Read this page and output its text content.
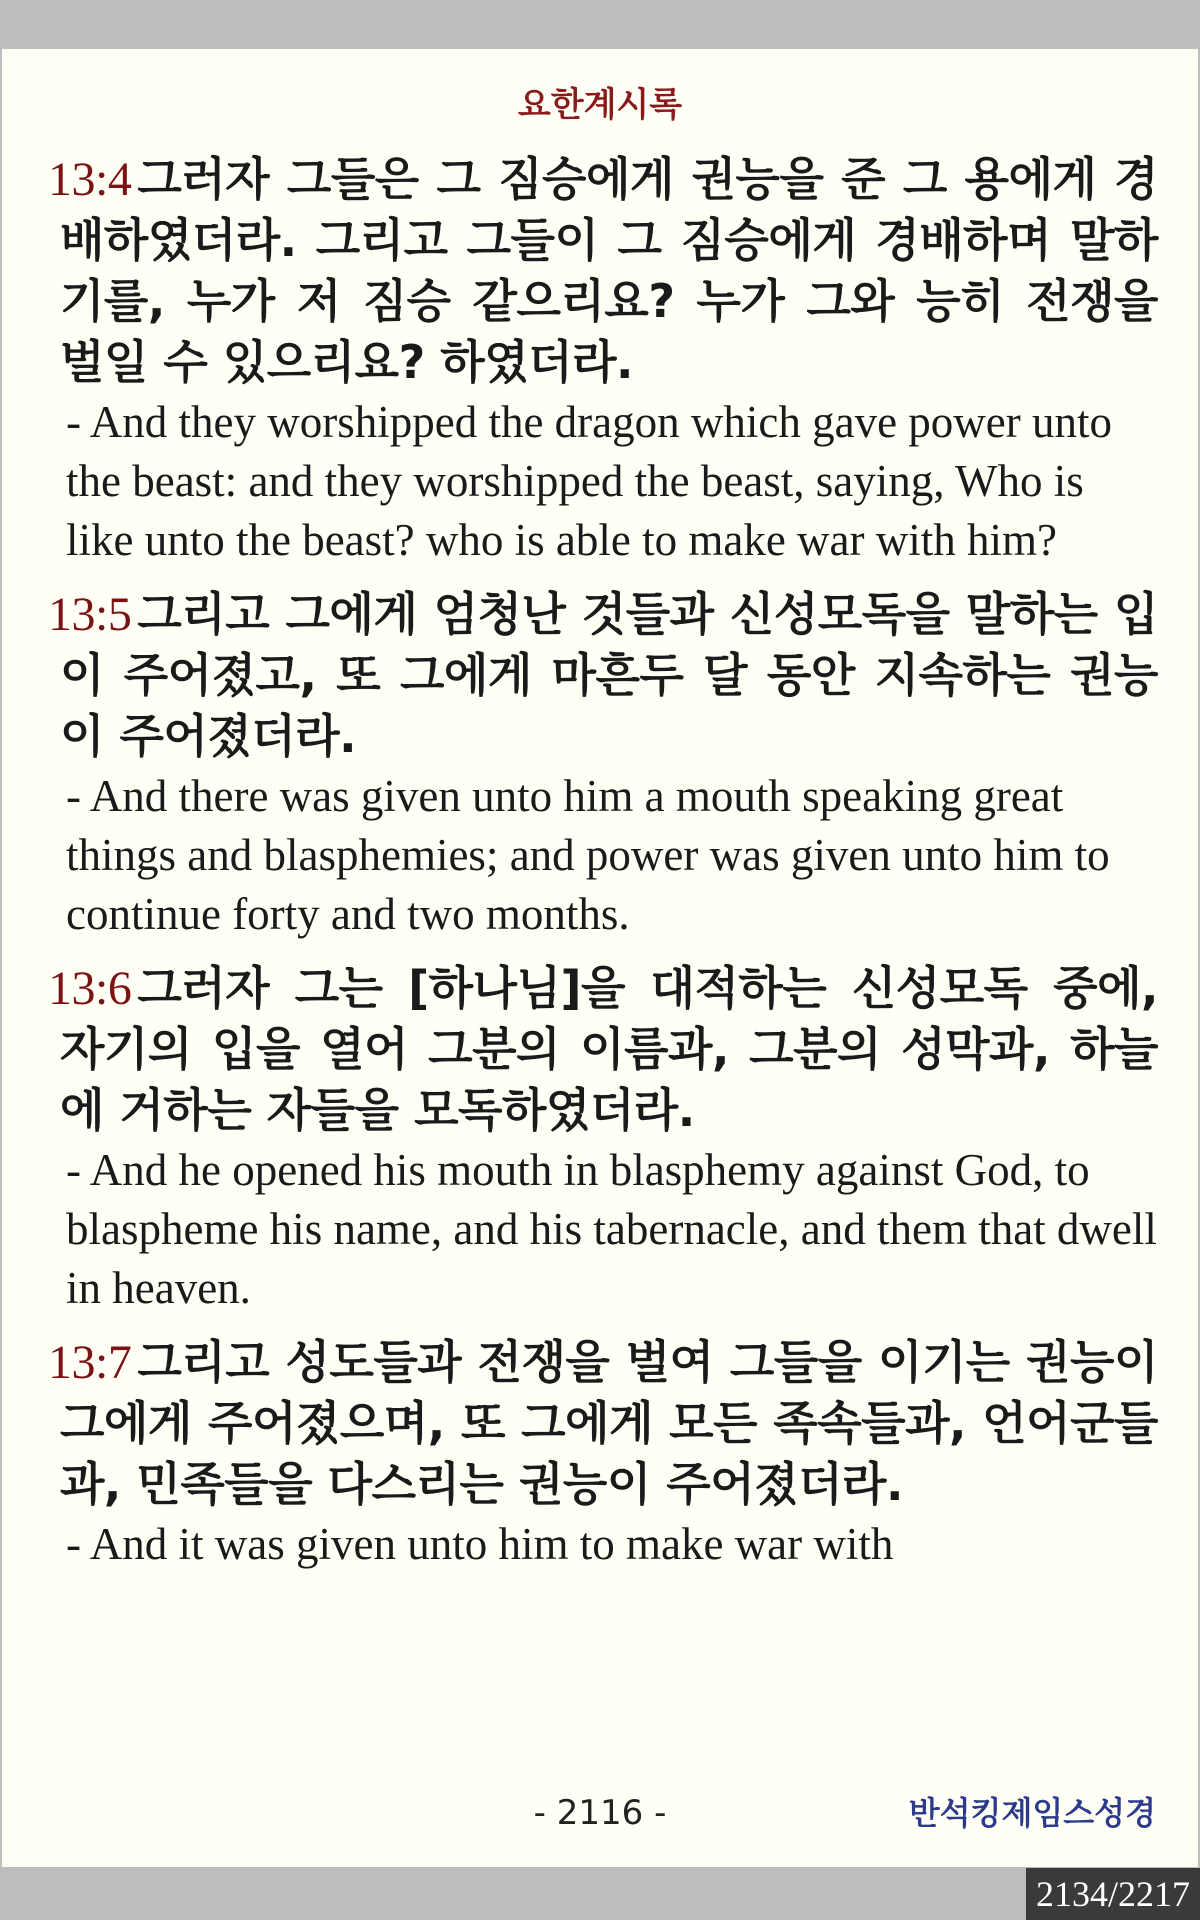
요한계시록

13:4 그러자 그들은 그 짐승에게 권능을 준 그 용에게 경배하였더라. 그리고 그들이 그 짐승에게 경배하며 말하기를, 누가 저 짐승 같으리요? 누가 그와 능히 전쟁을 벌일 수 있으리요? 하였더라.

- And they worshipped the dragon which gave power unto the beast: and they worshipped the beast, saying, Who is like unto the beast? who is able to make war with him?

13:5 그리고 그에게 엄청난 것들과 신성모독을 말하는 입이 주어졌고, 또 그에게 마흔두 달 동안 지속하는 권능이 주어졌더라.

- And there was given unto him a mouth speaking great things and blasphemies; and power was given unto him to continue forty and two months.

13:6 그러자 그는 [하나님]을 대적하는 신성모독 중에, 자기의 입을 열어 그분의 이름과, 그분의 성막과, 하늘에 거하는 자들을 모독하였더라.

- And he opened his mouth in blasphemy against God, to blaspheme his name, and his tabernacle, and them that dwell in heaven.

13:7 그리고 성도들과 전쟁을 벌여 그들을 이기는 권능이 그에게 주어졌으며, 또 그에게 모든 족속들과, 언어군들과, 민족들을 다스리는 권능이 주어졌더라.

- And it was given unto him to make war with

- 2116 -	반석킹제임스성경
2134/2217
